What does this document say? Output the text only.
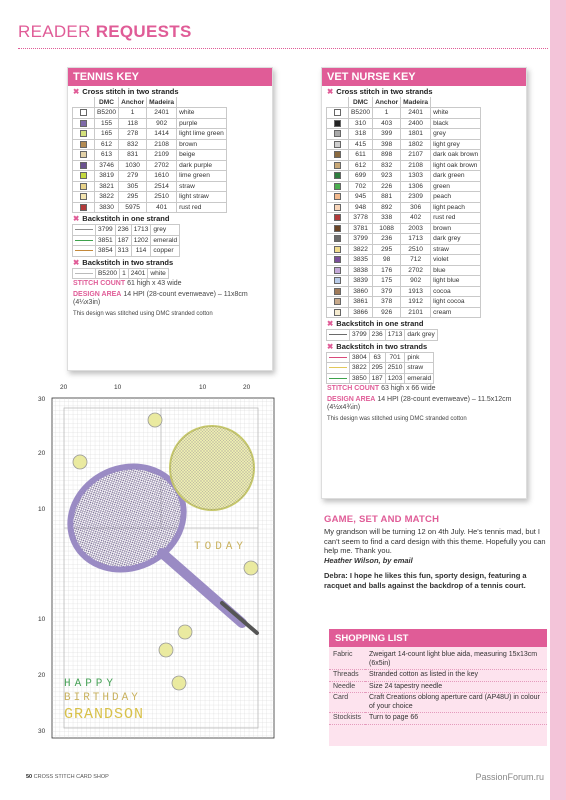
READER REQUESTS
TENNIS KEY
✖ Cross stitch in two strands
	DMC	Anchor	Madeira	
	B5200	1	2401	white
	155	118	902	purple
	165	278	1414	light lime green
	612	832	2108	brown
	613	831	2109	beige
	3746	1030	2702	dark purple
	3819	279	1610	lime green
	3821	305	2514	straw
	3822	295	2510	light straw
	3830	5975	401	rust red
✖ Backstitch in one strand
	3799	236	1713	grey
	3851	187	1202	emerald
	3854	313	114	copper
✖ Backstitch in two strands
	B5200	1	2401	white
STITCH COUNT 61 high x 43 wide
DESIGN AREA 14 HPI (28-count evenweave) – 11x8cm (4¼x3in)
This design was stitched using DMC stranded cotton
VET NURSE KEY
✖ Cross stitch in two strands
	DMC	Anchor	Madeira	
	B5200	1	2401	white
	310	403	2400	black
	318	399	1801	grey
	415	398	1802	light grey
	611	898	2107	dark oak brown
	612	832	2108	light oak brown
	699	923	1303	dark green
	702	226	1306	green
	945	881	2309	peach
	948	892	306	light peach
	3778	338	402	rust red
	3781	1088	2003	brown
	3799	236	1713	dark grey
	3822	295	2510	straw
	3835	98	712	violet
	3838	176	2702	blue
	3839	175	902	light blue
	3860	379	1913	cocoa
	3861	378	1912	light cocoa
	3866	926	2101	cream
✖ Backstitch in one strand
	3799	236	1713	dark grey
✖ Backstitch in two strands
	3804	63	701	pink
	3822	295	2510	straw
	3850	187	1203	emerald
STITCH COUNT 63 high x 66 wide
DESIGN AREA 14 HPI (28-count evenweave) – 11.5x12cm (4½x4¾in)
This design was stitched using DMC stranded cotton
20	10	10	20
30
20
10
10
20
30
TODAY
HAPPY
BIRTHDAY
GRANDSON
GAME, SET AND MATCH

My grandson will be turning 12 on 4th July. He's tennis mad, but I can't seem to find a card design with this theme. Hopefully you can help me. Thank you.

Heather Wilson, by email

Debra: I hope he likes this fun, sporty design, featuring a racquet and balls against the backdrop of a tennis court.

SHOPPING LIST
Fabric	Zweigart 14-count light blue aida, measuring 15x13cm (6x5in)
Threads	Stranded cotton as listed in the key
Needle	Size 24 tapestry needle
Card	Craft Creations oblong aperture card (AP48U) in colour of your choice
Stockists	Turn to page 66
50 CROSS STITCH CARD SHOP	PassionForum.ru
